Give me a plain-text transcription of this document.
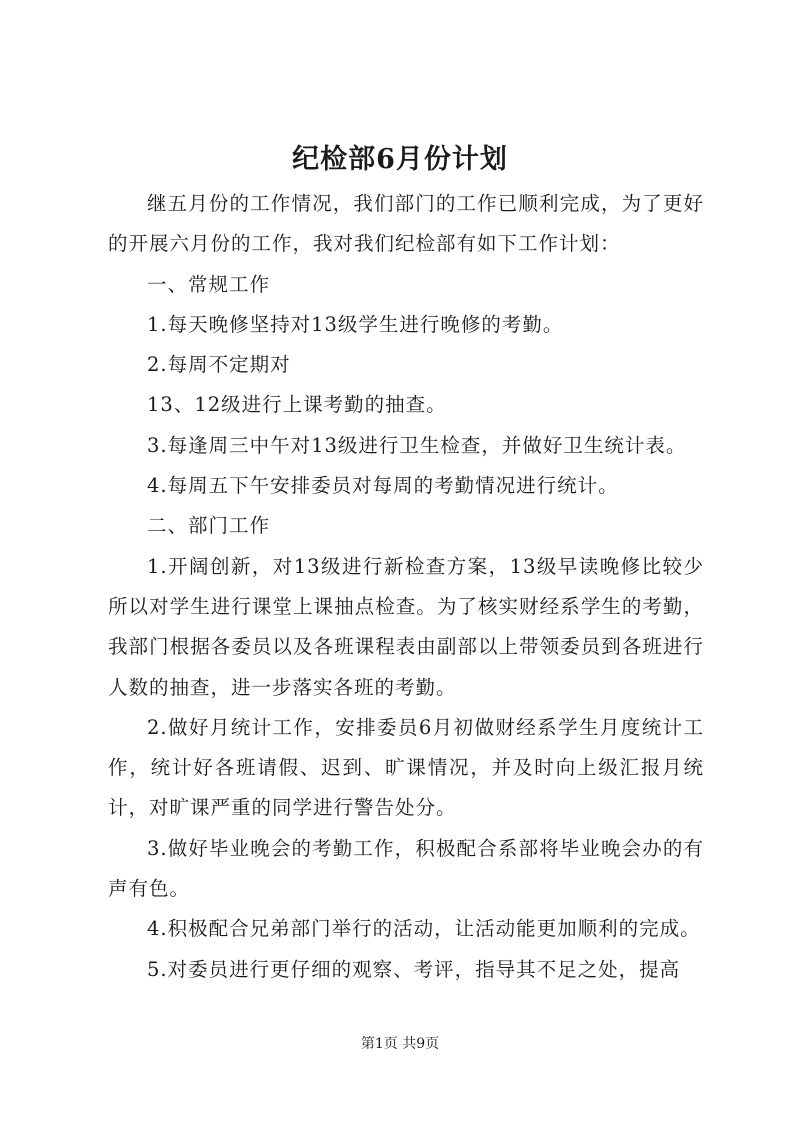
纪检部6月份计划

继五月份的工作情况，我们部门的工作已顺利完成，为了更好的开展六月份的工作，我对我们纪检部有如下工作计划：

一、常规工作

1.每天晚修坚持对13级学生进行晚修的考勤。

2.每周不定期对

13、12级进行上课考勤的抽查。

3.每逢周三中午对13级进行卫生检查，并做好卫生统计表。

4.每周五下午安排委员对每周的考勤情况进行统计。

二、部门工作

1.开阔创新，对13级进行新检查方案，13级早读晚修比较少所以对学生进行课堂上课抽点检查。为了核实财经系学生的考勤，我部门根据各委员以及各班课程表由副部以上带领委员到各班进行人数的抽查，进一步落实各班的考勤。

2.做好月统计工作，安排委员6月初做财经系学生月度统计工作，统计好各班请假、迟到、旷课情况，并及时向上级汇报月统计，对旷课严重的同学进行警告处分。

3.做好毕业晚会的考勤工作，积极配合系部将毕业晚会办的有声有色。

4.积极配合兄弟部门举行的活动，让活动能更加顺利的完成。

5.对委员进行更仔细的观察、考评，指导其不足之处，提高

第1页 共9页
